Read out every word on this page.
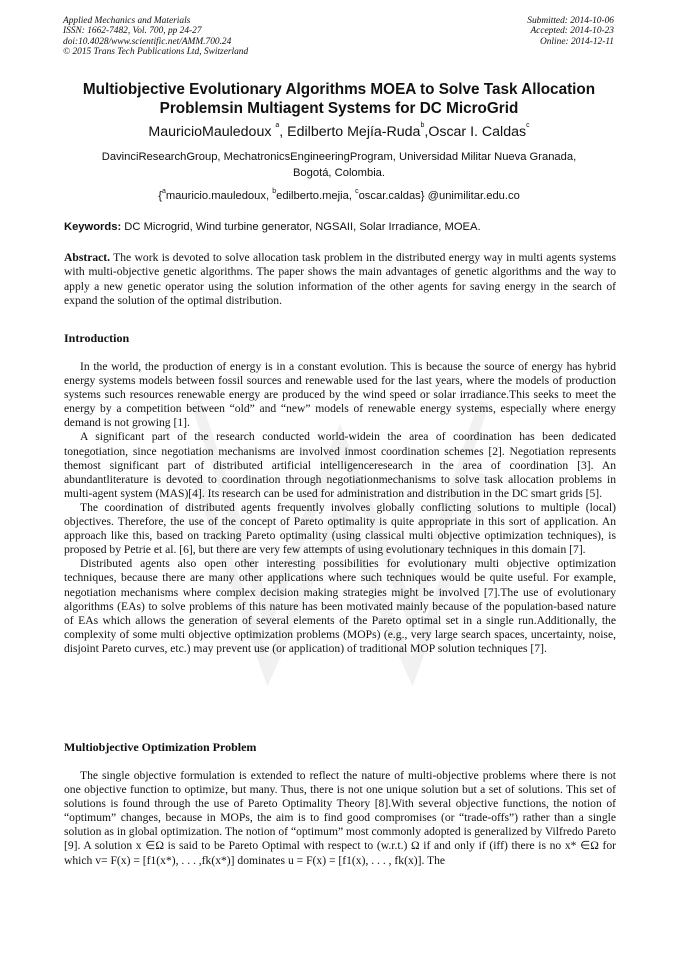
Applied Mechanics and Materials
ISSN: 1662-7482, Vol. 700, pp 24-27
doi:10.4028/www.scientific.net/AMM.700.24
© 2015 Trans Tech Publications Ltd, Switzerland
Submitted: 2014-10-06
Accepted: 2014-10-23
Online: 2014-12-11
Multiobjective Evolutionary Algorithms MOEA to Solve Task Allocation Problemsin Multiagent Systems for DC MicroGrid
MauricioMauledoux $^a$, Edilberto Mejía-Ruda$^b$,Oscar I. Caldas$^c$
DavinciResearchGroup, MechatronicsEngineeringProgram, Universidad Militar Nueva Granada,
Bogotá, Colombia.
{$^a$mauricio.mauledoux, $^b$edilberto.mejia, $^c$oscar.caldas} @unimilitar.edu.co
Keywords: DC Microgrid, Wind turbine generator, NGSAII, Solar Irradiance, MOEA.

Abstract. The work is devoted to solve allocation task problem in the distributed energy way in multi agents systems with multi-objective genetic algorithms. The paper shows the main advantages of genetic algorithms and the way to apply a new genetic operator using the solution information of the other agents for saving energy in the search of expand the solution of the optimal distribution.

Introduction

In the world, the production of energy is in a constant evolution. This is because the source of energy has hybrid energy systems models between fossil sources and renewable used for the last years, where the models of production systems such resources renewable energy are produced by the wind speed or solar irradiance.This seeks to meet the energy by a competition between “old” and “new” models of renewable energy systems, especially where energy demand is not growing [1].

A significant part of the research conducted world-widein the area of coordination has been dedicated tonegotiation, since negotiation mechanisms are involved inmost coordination schemes [2]. Negotiation represents themost significant part of distributed artificial intelligenceresearch in the area of coordination [3]. An abundantliterature is devoted to coordination through negotiationmechanisms to solve task allocation problems in multi-agent system (MAS)[4]. Its research can be used for administration and distribution in the DC smart grids [5].

The coordination of distributed agents frequently involves globally conflicting solutions to multiple (local) objectives. Therefore, the use of the concept of Pareto optimality is quite appropriate in this sort of application. An approach like this, based on tracking Pareto optimality (using classical multi objective optimization techniques), is proposed by Petrie et al. [6], but there are very few attempts of using evolutionary techniques in this domain [7].

Distributed agents also open other interesting possibilities for evolutionary multi objective optimization techniques, because there are many other applications where such techniques would be quite useful. For example, negotiation mechanisms where complex decision making strategies might be involved [7].The use of evolutionary algorithms (EAs) to solve problems of this nature has been motivated mainly because of the population-based nature of EAs which allows the generation of several elements of the Pareto optimal set in a single run.Additionally, the complexity of some multi objective optimization problems (MOPs) (e.g., very large search spaces, uncertainty, noise, disjoint Pareto curves, etc.) may prevent use (or application) of traditional MOP solution techniques [7].

Multiobjective Optimization Problem

The single objective formulation is extended to reflect the nature of multi-objective problems where there is not one objective function to optimize, but many. Thus, there is not one unique solution but a set of solutions. This set of solutions is found through the use of Pareto Optimality Theory [8].With several objective functions, the notion of “optimum” changes, because in MOPs, the aim is to find good compromises (or “trade-offs”) rather than a single solution as in global optimization. The notion of “optimum” most commonly adopted is generalized by Vilfredo Pareto [9]. A solution x ∈Ω is said to be Pareto Optimal with respect to (w.r.t.) Ω if and only if (iff) there is no x* ∈Ω for which v= F(x) = [f1(x*), . . . ,fk(x*)] dominates u = F(x) = [f1(x), . . . , fk(x)]. The
